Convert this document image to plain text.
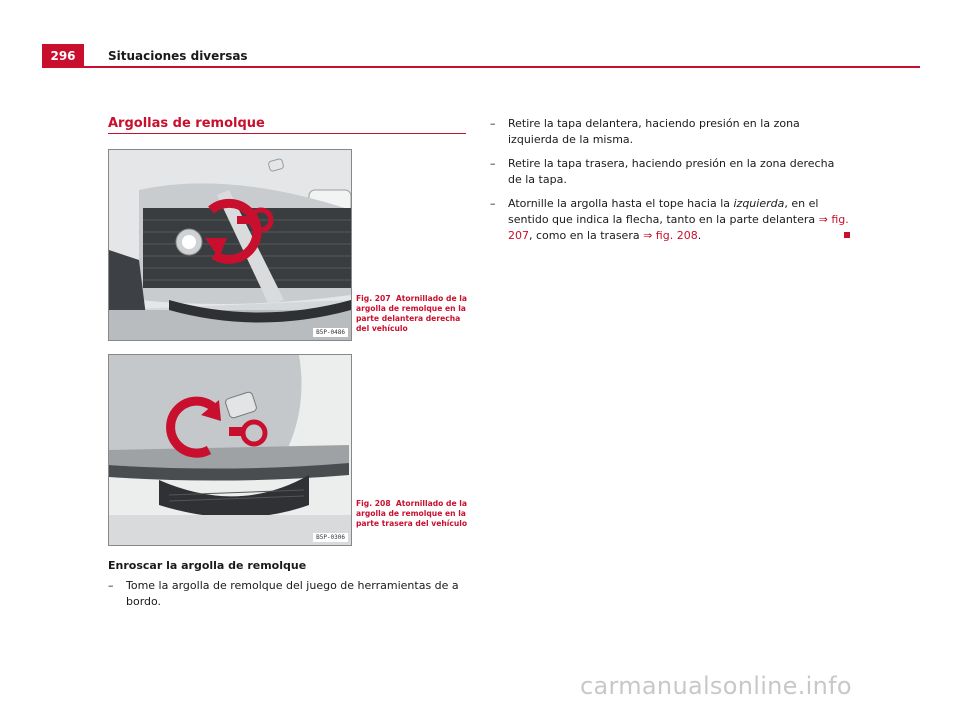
296	Situaciones diversas
Argollas de remolque
B5P-0486
Fig. 207 Atornillado de la argolla de remolque en la parte delantera derecha del vehículo
B5P-0306
Fig. 208 Atornillado de la argolla de remolque en la parte trasera del vehículo
Enroscar la argolla de remolque
–	Tome la argolla de remolque del juego de herramientas de a bordo.
–	Retire la tapa delantera, haciendo presión en la zona izquierda de la misma.
–	Retire la tapa trasera, haciendo presión en la zona derecha de la tapa.
–	Atornille la argolla hasta el tope hacia la izquierda, en el sentido que indica la flecha, tanto en la parte delantera ⇒ fig. 207, como en la trasera ⇒ fig. 208.
carmanualsonline.info
